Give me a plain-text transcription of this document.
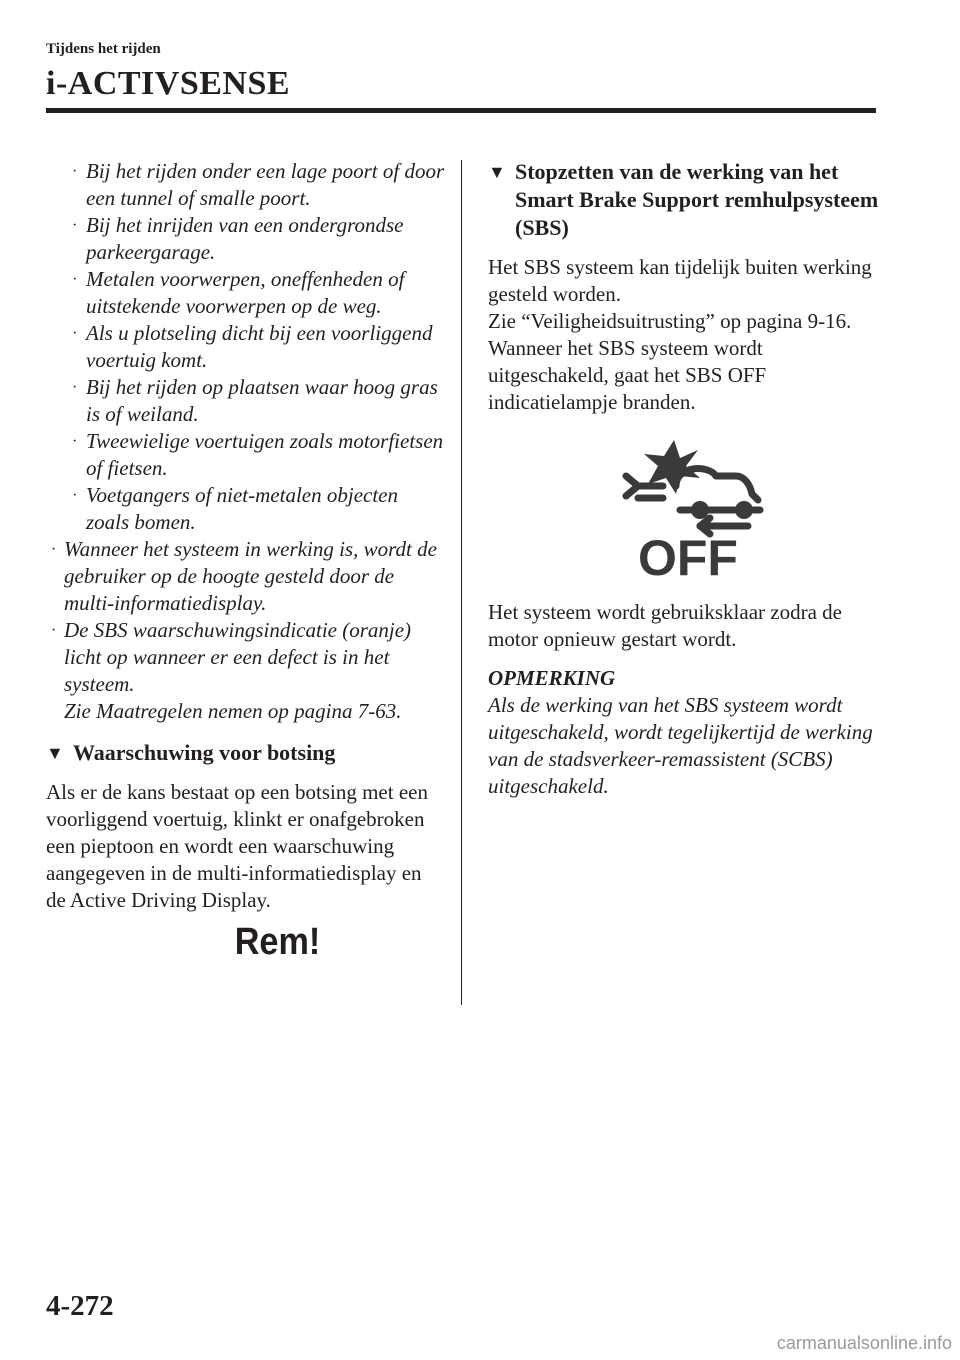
Tijdens het rijden
i-ACTIVSENSE
· Bij het rijden onder een lage poort of door een tunnel of smalle poort.
· Bij het inrijden van een ondergrondse parkeergarage.
· Metalen voorwerpen, oneffenheden of uitstekende voorwerpen op de weg.
· Als u plotseling dicht bij een voorliggend voertuig komt.
· Bij het rijden op plaatsen waar hoog gras is of weiland.
· Tweewielige voertuigen zoals motorfietsen of fietsen.
· Voetgangers of niet-metalen objecten zoals bomen.
· Wanneer het systeem in werking is, wordt de gebruiker op de hoogte gesteld door de multi-informatiedisplay.
· De SBS waarschuwingsindicatie (oranje) licht op wanneer er een defect is in het systeem.
Zie Maatregelen nemen op pagina 7-63.
▼ Waarschuwing voor botsing

Als er de kans bestaat op een botsing met een voorliggend voertuig, klinkt er onafgebroken een pieptoon en wordt een waarschuwing aangegeven in de multi-informatiedisplay en de Active Driving Display.

Rem!
▼ Stopzetten van de werking van het Smart Brake Support remhulpsysteem (SBS)

Het SBS systeem kan tijdelijk buiten werking gesteld worden.

Zie “Veiligheidsuitrusting” op pagina 9-16.

Wanneer het SBS systeem wordt uitgeschakeld, gaat het SBS OFF indicatielampje branden.

OFF

Het systeem wordt gebruiksklaar zodra de motor opnieuw gestart wordt.

OPMERKING
Als de werking van het SBS systeem wordt uitgeschakeld, wordt tegelijkertijd de werking van de stadsverkeer-remassistent (SCBS) uitgeschakeld.
4-272
carmanualsonline.info
